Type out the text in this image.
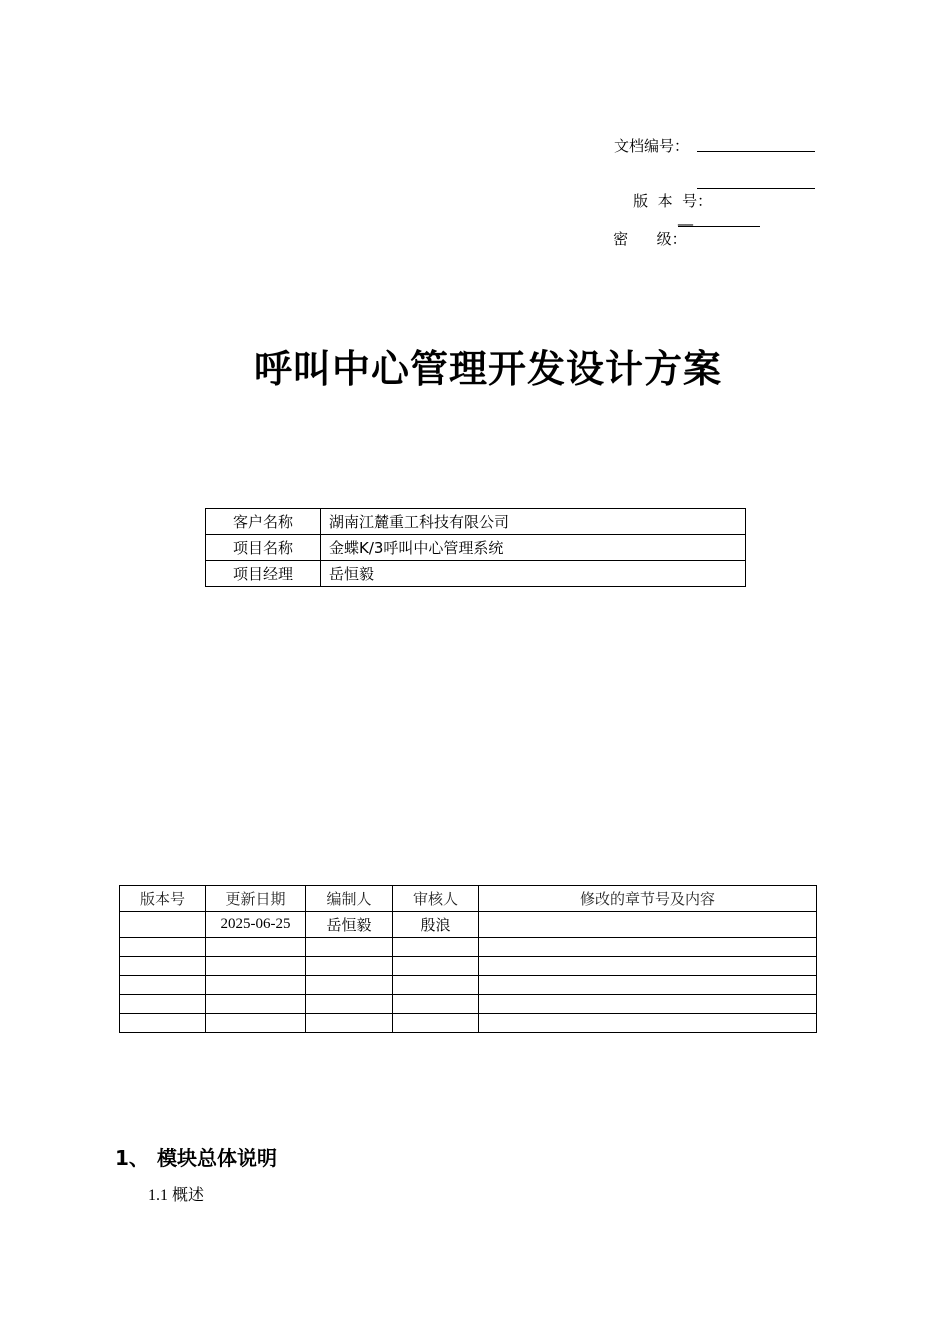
文档编号：

版  本  号：

密      级：

__
呼叫中心管理开发设计方案
客户名称	湖南江麓重工科技有限公司
项目名称	金蝶K/3呼叫中心管理系统
项目经理	岳恒毅
版本号	更新日期	编制人	审核人	修改的章节号及内容
	2025-06-25	岳恒毅	殷浪	

1、 模块总体说明
1.1 概述
